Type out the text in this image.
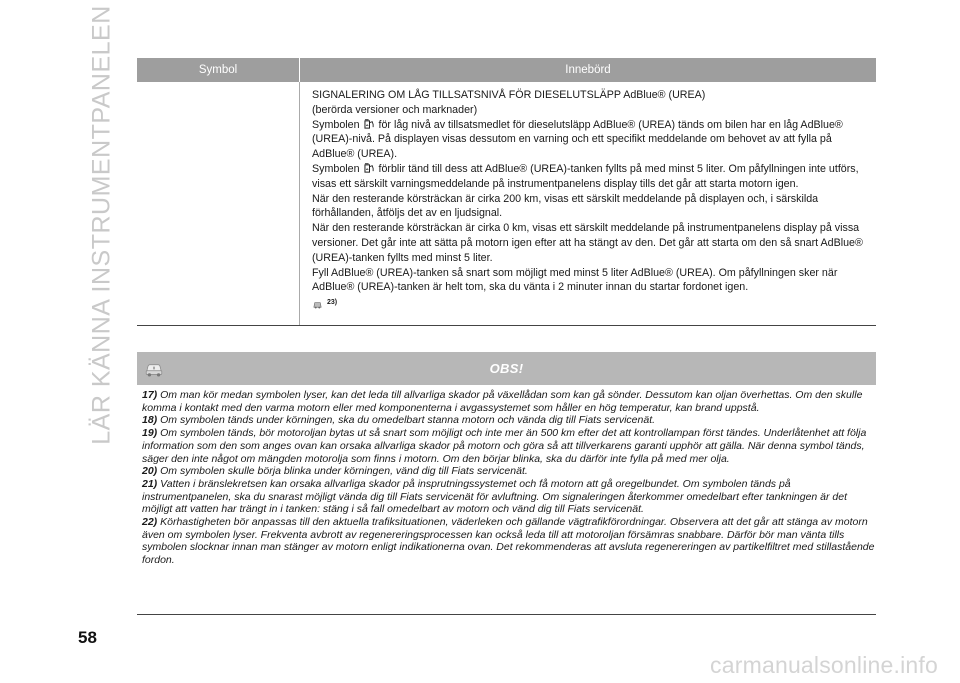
LÄR KÄNNA INSTRUMENTPANELEN	Symbol	Innebörd

SIGNALERING OM LÅG TILLSATSNIVÅ FÖR DIESELUTSLÄPP AdBlue® (UREA)

(berörda versioner och marknader)

Symbolen för låg nivå av tillsatsmedlet för dieselutsläpp AdBlue® (UREA) tänds om bilen har en låg AdBlue® (UREA)-nivå. På displayen visas dessutom en varning och ett specifikt meddelande om behovet av att fylla på AdBlue® (UREA).

Symbolen förblir tänd till dess att AdBlue® (UREA)-tanken fyllts på med minst 5 liter. Om påfyllningen inte utförs, visas ett särskilt varningsmeddelande på instrumentpanelens display tills det går att starta motorn igen.

När den resterande körsträckan är cirka 200 km, visas ett särskilt meddelande på displayen och, i särskilda förhållanden, åtföljs det av en ljudsignal.

När den resterande körsträckan är cirka 0 km, visas ett särskilt meddelande på instrumentpanelens display på vissa versioner. Det går inte att sätta på motorn igen efter att ha stängt av den. Det går att starta om den så snart AdBlue® (UREA)-tanken fyllts med minst 5 liter.

Fyll AdBlue® (UREA)-tanken så snart som möjligt med minst 5 liter AdBlue® (UREA). Om påfyllningen sker när AdBlue® (UREA)-tanken är helt tom, ska du vänta i 2 minuter innan du startar fordonet igen.

23)
OBS!

17) Om man kör medan symbolen lyser, kan det leda till allvarliga skador på växellådan som kan gå sönder. Dessutom kan oljan överhettas. Om den skulle komma i kontakt med den varma motorn eller med komponenterna i avgassystemet som håller en hög temperatur, kan brand uppstå.

18) Om symbolen tänds under körningen, ska du omedelbart stanna motorn och vända dig till Fiats servicenät.

19) Om symbolen tänds, bör motoroljan bytas ut så snart som möjligt och inte mer än 500 km efter det att kontrollampan först tändes. Underlåtenhet att följa information som den som anges ovan kan orsaka allvarliga skador på motorn och göra så att tillverkarens garanti upphör att gälla. När denna symbol tänds, säger den inte något om mängden motorolja som finns i motorn. Om den börjar blinka, ska du därför inte fylla på med mer olja.

20) Om symbolen skulle börja blinka under körningen, vänd dig till Fiats servicenät.

21) Vatten i bränslekretsen kan orsaka allvarliga skador på insprutningssystemet och få motorn att gå oregelbundet. Om symbolen tänds på instrumentpanelen, ska du snarast möjligt vända dig till Fiats servicenät för avluftning. Om signaleringen återkommer omedelbart efter tankningen är det möjligt att vatten har trängt in i tanken: stäng i så fall omedelbart av motorn och vänd dig till Fiats servicenät.

22) Körhastigheten bör anpassas till den aktuella trafiksituationen, väderleken och gällande vägtrafikförordningar. Observera att det går att stänga av motorn även om symbolen lyser. Frekventa avbrott av regenereringsprocessen kan också leda till att motoroljan försämras snabbare. Därför bör man vänta tills symbolen slocknar innan man stänger av motorn enligt indikationerna ovan. Det rekommenderas att avsluta regenereringen av partikelfiltret med stillastående fordon.

58
carmanualsonline.info
